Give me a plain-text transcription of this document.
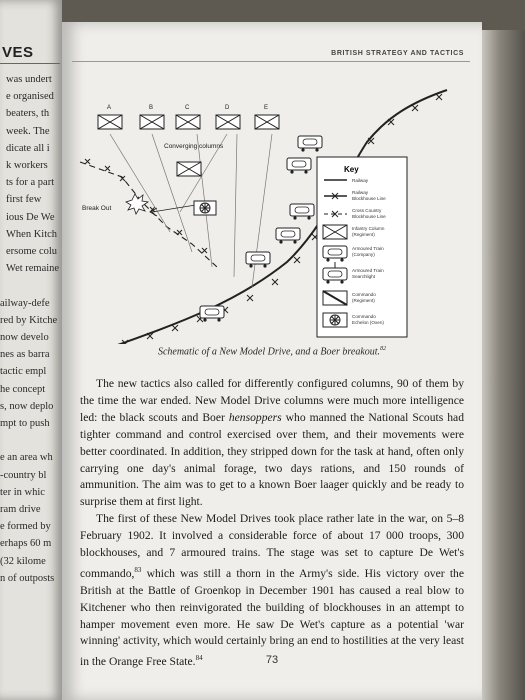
VES
was undert
e organised
beaters, th
week. The
dicate all i
k workers
ts for a part
first few
ious De We
When Kitch
ersome colu
Wet remaine
ailway-defe
red by Kitche
now develo
nes as barra
tactic empl
he concept
s, now deplo
mpt to push
e an area wh
-country bl
ter in whic
ram drive
e formed by
erhaps 60 m
(32 kilome
n of outposts
BRITISH STRATEGY AND TACTICS
A	B	C	D	E
Converging columns
Break Out
Key
Railway
Railway
Blockhouse Line
Cross Country
Blockhouse Line
Infantry Column
(Regiment)
Armoured Train
(Company)
Armoured Train
Searchlight
Commando
(Regiment)
Commando
Echelon (Oxen)
Schematic of a New Model Drive, and a Boer breakout.$^{82}$

The new tactics also called for differently configured columns, 90 of them by the time the war ended. New Model Drive columns were much more intelligence led: the black scouts and Boer hensoppers who manned the National Scouts had tighter command and control exercised over them, and their movements were better coordinated. In addition, they stripped down for the task at hand, often only carrying one day's animal forage, two days rations, and 150 rounds of ammunition. The aim was to get to a known Boer laager quickly and be ready to surprise them at first light.

The first of these New Model Drives took place rather late in the war, on 5–8 February 1902. It involved a considerable force of about 17 000 troops, 300 blockhouses, and 7 armoured trains. The stage was set to capture De Wet's commando,$^{83}$ which was still a thorn in the Army's side. His victory over the British at the Battle of Groenkop in December 1901 has caused a real blow to Kitchener who then reinvigorated the building of blockhouses in an attempt to hamper movement even more. He saw De Wet's capture as a potential 'war winning' activity, which would certainly bring an end to hostilities at the very least in the Orange Free State.$^{84}$	73
